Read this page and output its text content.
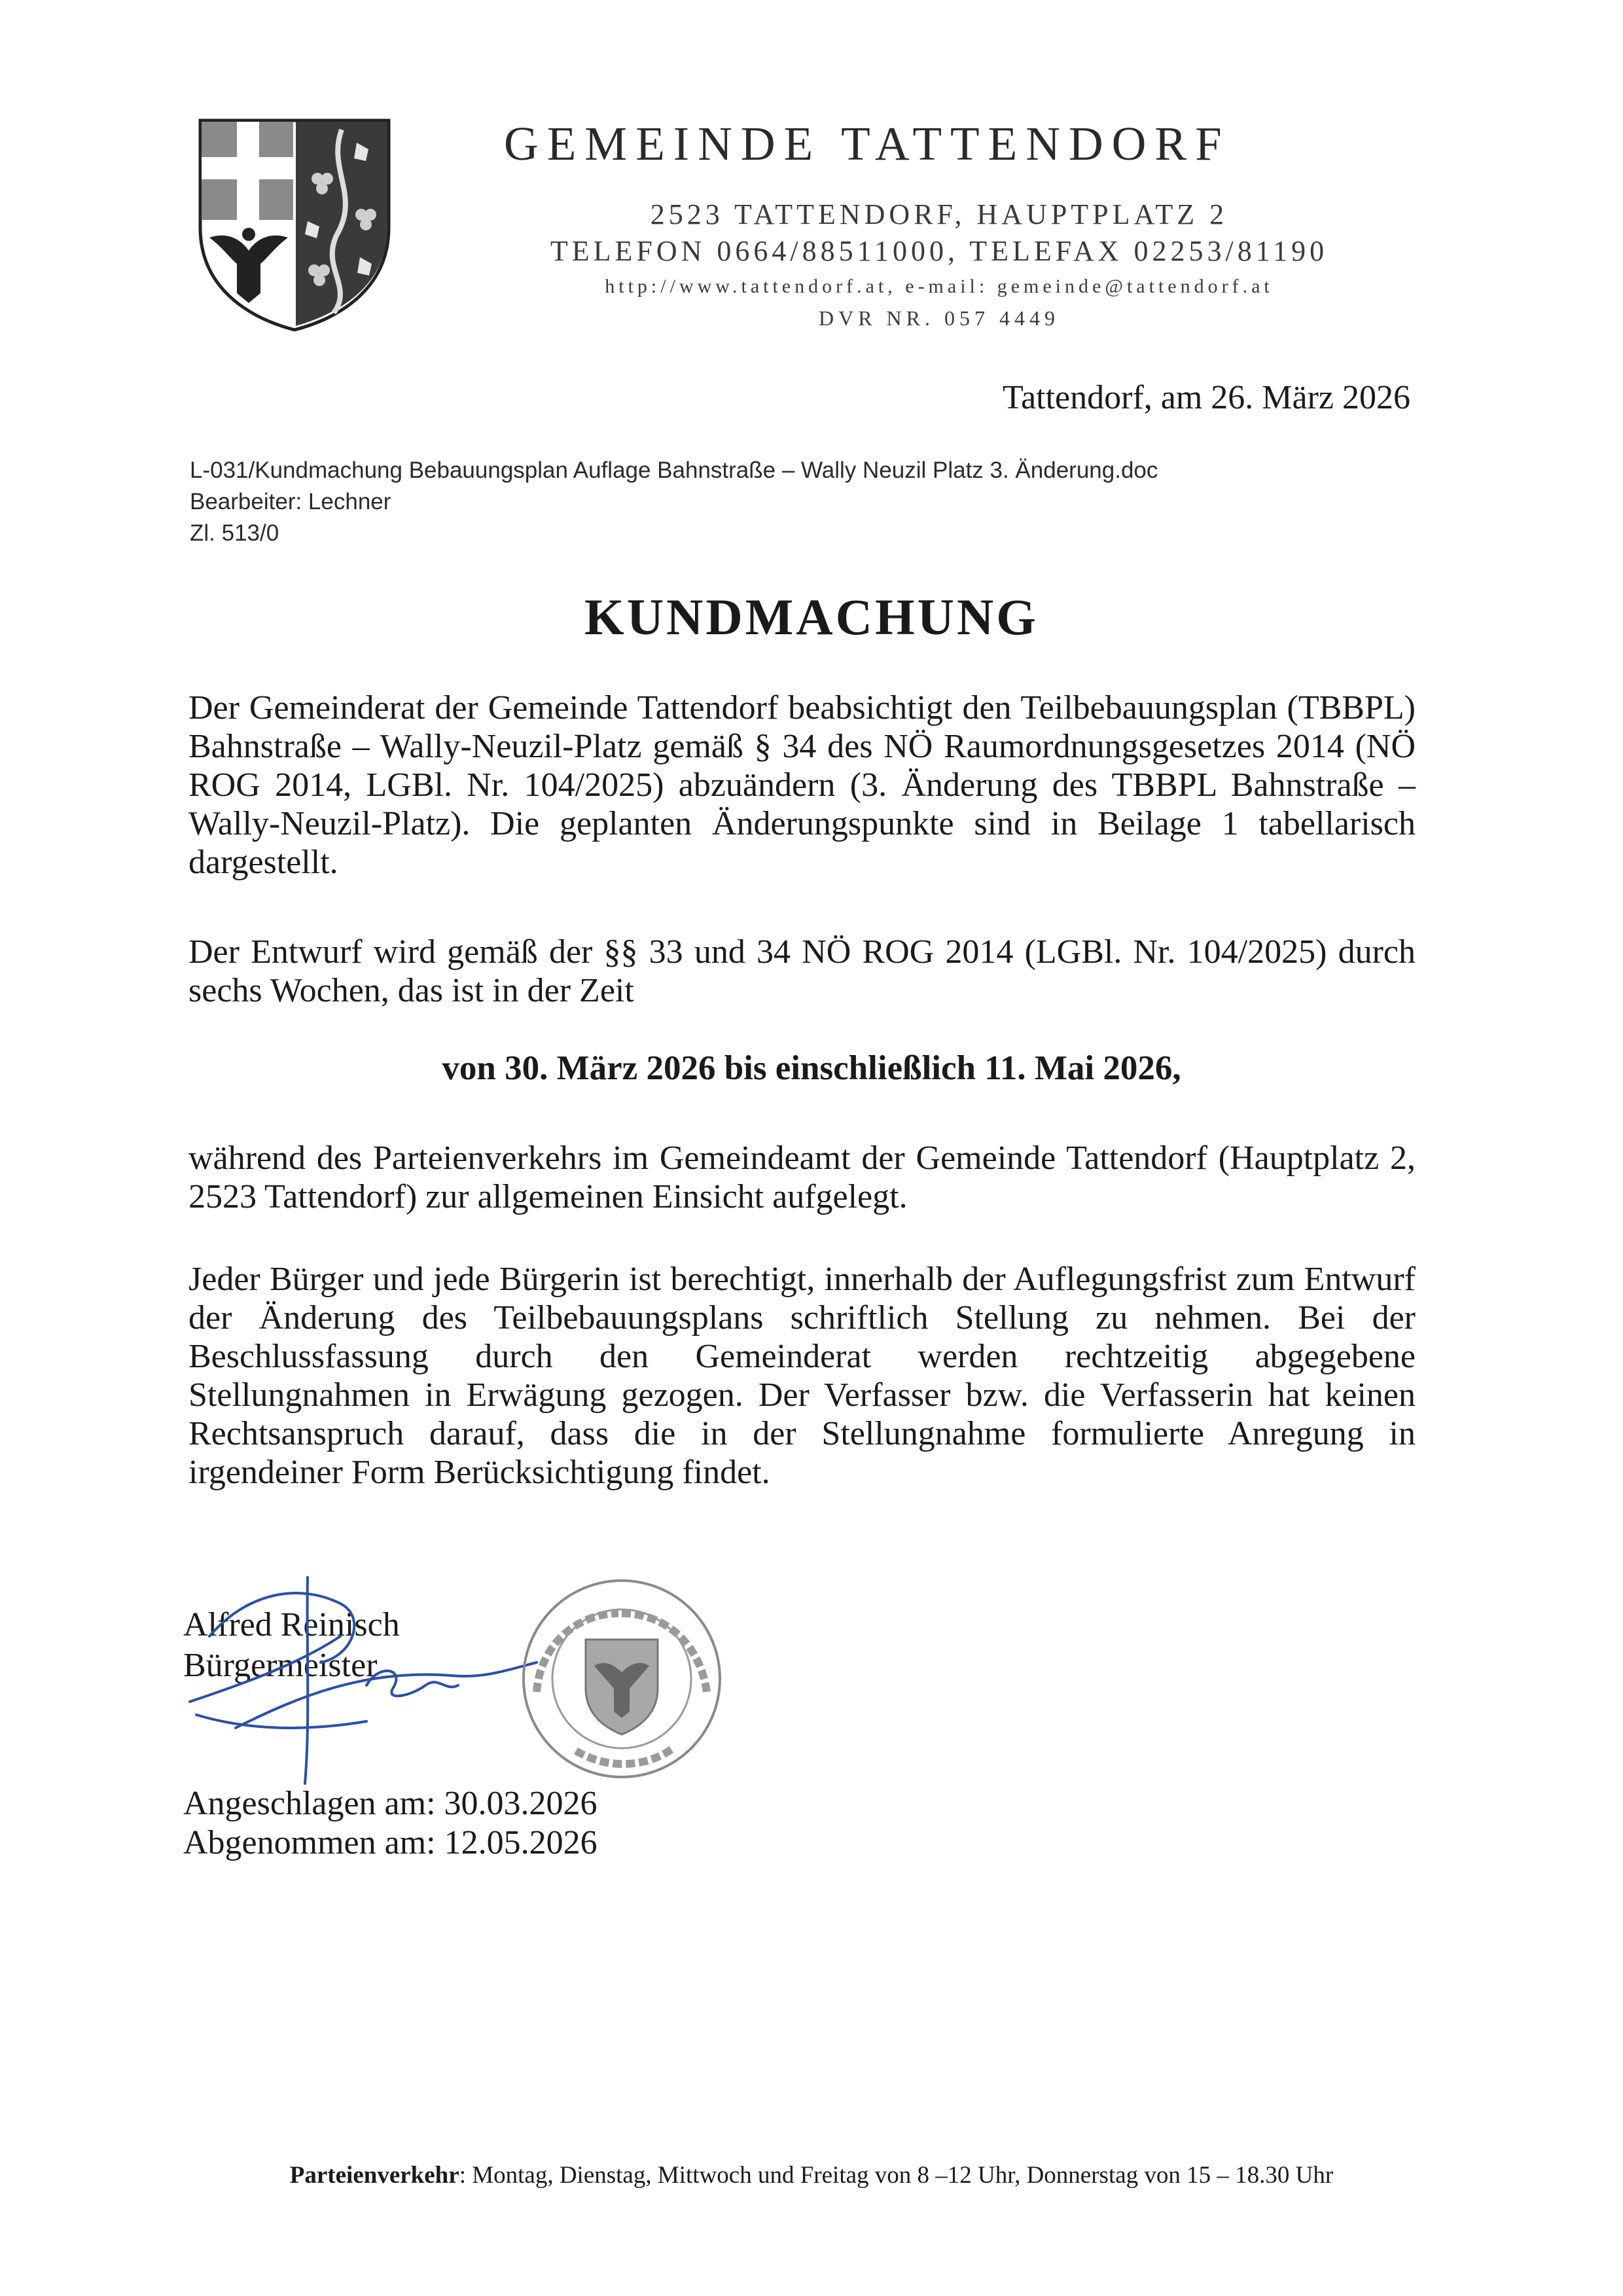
GEMEINDE TATTENDORF
2523 TATTENDORF, HAUPTPLATZ 2
TELEFON 0664/88511000, TELEFAX 02253/81190
http://www.tattendorf.at, e-mail: gemeinde@tattendorf.at
DVR NR. 057 4449
Tattendorf, am 26. März 2026
L-031/Kundmachung Bebauungsplan Auflage Bahnstraße – Wally Neuzil Platz 3. Änderung.doc
Bearbeiter: Lechner
Zl. 513/0
KUNDMACHUNG
Der Gemeinderat der Gemeinde Tattendorf beabsichtigt den Teilbebauungsplan (TBBPL) Bahnstraße – Wally-Neuzil-Platz gemäß § 34 des NÖ Raumordnungsgesetzes 2014 (NÖ ROG 2014, LGBl. Nr. 104/2025) abzuändern (3. Änderung des TBBPL Bahnstraße – Wally-Neuzil-Platz). Die geplanten Änderungspunkte sind in Beilage 1 tabellarisch dargestellt.
Der Entwurf wird gemäß der §§ 33 und 34 NÖ ROG 2014 (LGBl. Nr. 104/2025) durch sechs Wochen, das ist in der Zeit
von 30. März 2026 bis einschließlich 11. Mai 2026,
während des Parteienverkehrs im Gemeindeamt der Gemeinde Tattendorf (Hauptplatz 2, 2523 Tattendorf) zur allgemeinen Einsicht aufgelegt.
Jeder Bürger und jede Bürgerin ist berechtigt, innerhalb der Auflegungsfrist zum Entwurf der Änderung des Teilbebauungsplans schriftlich Stellung zu nehmen. Bei der Beschlussfassung durch den Gemeinderat werden rechtzeitig abgegebene Stellungnahmen in Erwägung gezogen. Der Verfasser bzw. die Verfasserin hat keinen Rechtsanspruch darauf, dass die in der Stellungnahme formulierte Anregung in irgendeiner Form Berücksichtigung findet.
Alfred Reinisch
Bürgermeister
Angeschlagen am: 30.03.2026
Abgenommen am: 12.05.2026
Parteienverkehr: Montag, Dienstag, Mittwoch und Freitag von 8 –12 Uhr, Donnerstag von 15 – 18.30 Uhr
